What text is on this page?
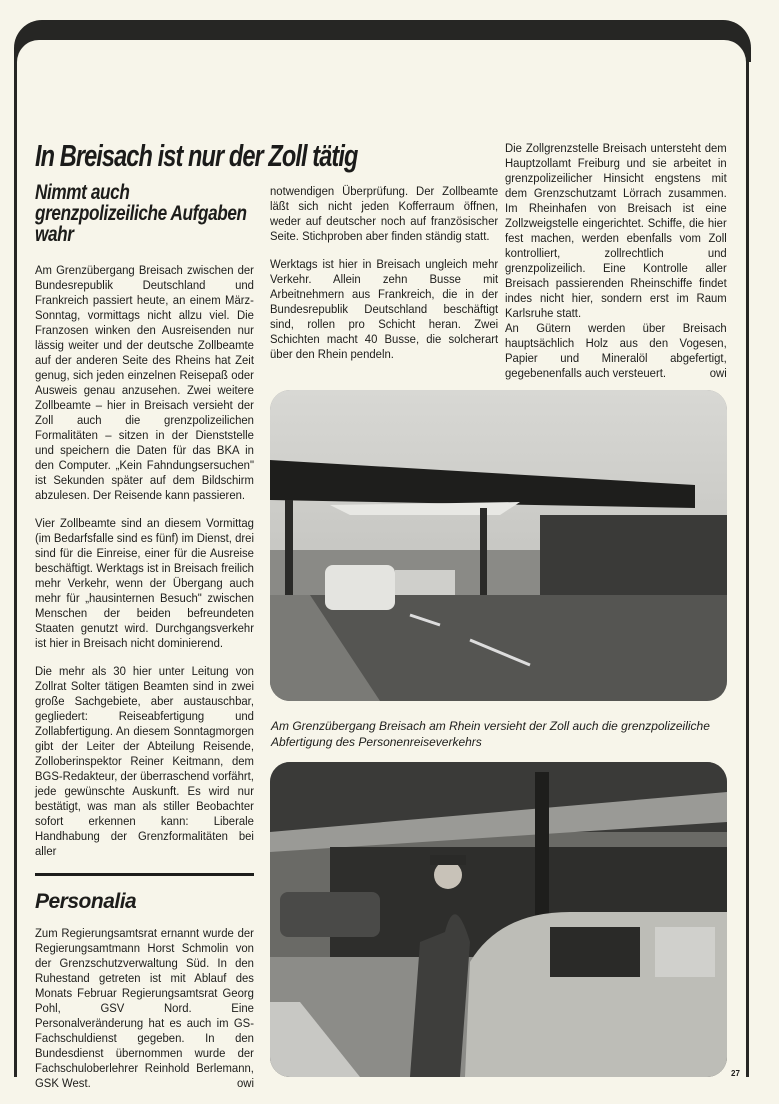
In Breisach ist nur der Zoll tätig
Nimmt auch grenzpolizeiliche Aufgaben wahr

Am Grenzübergang Breisach zwischen der Bundesrepublik Deutschland und Frankreich passiert heute, an einem März-Sonntag, vormittags nicht allzu viel. Die Franzosen winken den Ausreisenden nur lässig weiter und der deutsche Zollbeamte auf der anderen Seite des Rheins hat Zeit genug, sich jeden einzelnen Reisepaß oder Ausweis genau anzusehen. Zwei weitere Zollbeamte – hier in Breisach versieht der Zoll auch die grenzpolizeilichen Formalitäten – sitzen in der Dienststelle und speichern die Daten für das BKA in den Computer. „Kein Fahndungsersuchen" ist Sekunden später auf dem Bildschirm abzulesen. Der Reisende kann passieren.

Vier Zollbeamte sind an diesem Vormittag (im Bedarfsfalle sind es fünf) im Dienst, drei sind für die Einreise, einer für die Ausreise beschäftigt. Werktags ist in Breisach freilich mehr Verkehr, wenn der Übergang auch mehr für „hausinternen Besuch" zwischen Menschen der beiden befreundeten Staaten genutzt wird. Durchgangsverkehr ist hier in Breisach nicht dominierend.

Die mehr als 30 hier unter Leitung von Zollrat Solter tätigen Beamten sind in zwei große Sachgebiete, aber austauschbar, gegliedert: Reiseabfertigung und Zollabfertigung. An diesem Sonntagmorgen gibt der Leiter der Abteilung Reisende, Zolloberinspektor Reiner Keitmann, dem BGS-Redakteur, der überraschend vorfährt, jede gewünschte Auskunft. Es wird nur bestätigt, was man als stiller Beobachter sofort erkennen kann: Liberale Handhabung der Grenzformalitäten bei aller

notwendigen Überprüfung. Der Zollbeamte läßt sich nicht jeden Kofferraum öffnen, weder auf deutscher noch auf französischer Seite. Stichproben aber finden ständig statt.

Werktags ist hier in Breisach ungleich mehr Verkehr. Allein zehn Busse mit Arbeitnehmern aus Frankreich, die in der Bundesrepublik Deutschland beschäftigt sind, rollen pro Schicht heran. Zwei Schichten macht 40 Busse, die solcherart über den Rhein pendeln.

Die Zollgrenzstelle Breisach untersteht dem Hauptzollamt Freiburg und sie arbeitet in grenzpolizeilicher Hinsicht engstens mit dem Grenzschutzamt Lörrach zusammen. Im Rheinhafen von Breisach ist eine Zollzweigstelle eingerichtet. Schiffe, die hier fest machen, werden ebenfalls vom Zoll kontrolliert, zollrechtlich und grenzpolizeilich. Eine Kontrolle aller Breisach passierenden Rheinschiffe findet indes nicht hier, sondern erst im Raum Karlsruhe statt.

An Gütern werden über Breisach hauptsächlich Holz aus den Vogesen, Papier und Mineralöl abgefertigt, gegebenenfalls auch versteuert.	owi

Am Grenzübergang Breisach am Rhein versieht der Zoll auch die grenzpolizeiliche Abfertigung des Personenreiseverkehrs
Personalia

Zum Regierungsamtsrat ernannt wurde der Regierungsamtmann Horst Schmolin von der Grenzschutzverwaltung Süd. In den Ruhestand getreten ist mit Ablauf des Monats Februar Regierungsamtsrat Georg Pohl, GSV Nord. Eine Personalveränderung hat es auch im GS-Fachschuldienst gegeben. In den Bundesdienst übernommen wurde der Fachschuloberlehrer Reinhold Berlemann, GSK West.	owi

27
